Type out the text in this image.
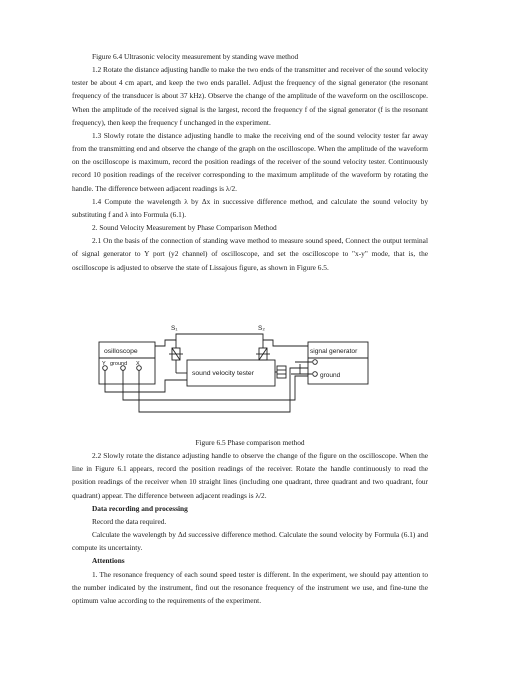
Figure 6.4 Ultrasonic velocity measurement by standing wave method

1.2 Rotate the distance adjusting handle to make the two ends of the transmitter and receiver of the sound velocity tester be about 4 cm apart, and keep the two ends parallel. Adjust the frequency of the signal generator (the resonant frequency of the transducer is about 37 kHz). Observe the change of the amplitude of the waveform on the oscilloscope. When the amplitude of the received signal is the largest, record the frequency f of the signal generator (f is the resonant frequency), then keep the frequency f unchanged in the experiment.

1.3 Slowly rotate the distance adjusting handle to make the receiving end of the sound velocity tester far away from the transmitting end and observe the change of the graph on the oscilloscope. When the amplitude of the waveform on the oscilloscope is maximum, record the position readings of the receiver of the sound velocity tester. Continuously record 10 position readings of the receiver corresponding to the maximum amplitude of the waveform by rotating the handle. The difference between adjacent readings is λ/2.

1.4 Compute the wavelength λ by Δx in successive difference method, and calculate the sound velocity by substituting f and λ into Formula (6.1).

2. Sound Velocity Measurement by Phase Comparison Method

2.1 On the basis of the connection of standing wave method to measure sound speed, Connect the output terminal of signal generator to Y port (y2 channel) of oscilloscope, and set the oscilloscope to "x-y" mode, that is, the oscilloscope is adjusted to observe the state of Lissajous figure, as shown in Figure 6.5.

S₁	S₂
osilloscope
Y ground X
sound velocity tester
signal generator
ground

Figure 6.5 Phase comparison method

2.2 Slowly rotate the distance adjusting handle to observe the change of the figure on the oscilloscope. When the line in Figure 6.1 appears, record the position readings of the receiver. Rotate the handle continuously to read the position readings of the receiver when 10 straight lines (including one quadrant, three quadrant and two quadrant, four quadrant) appear. The difference between adjacent readings is λ/2.

Data recording and processing

Record the data required.

Calculate the wavelength by Δd successive difference method. Calculate the sound velocity by Formula (6.1) and compute its uncertainty.

Attentions

1. The resonance frequency of each sound speed tester is different. In the experiment, we should pay attention to the number indicated by the instrument, find out the resonance frequency of the instrument we use, and fine-tune the optimum value according to the requirements of the experiment.
